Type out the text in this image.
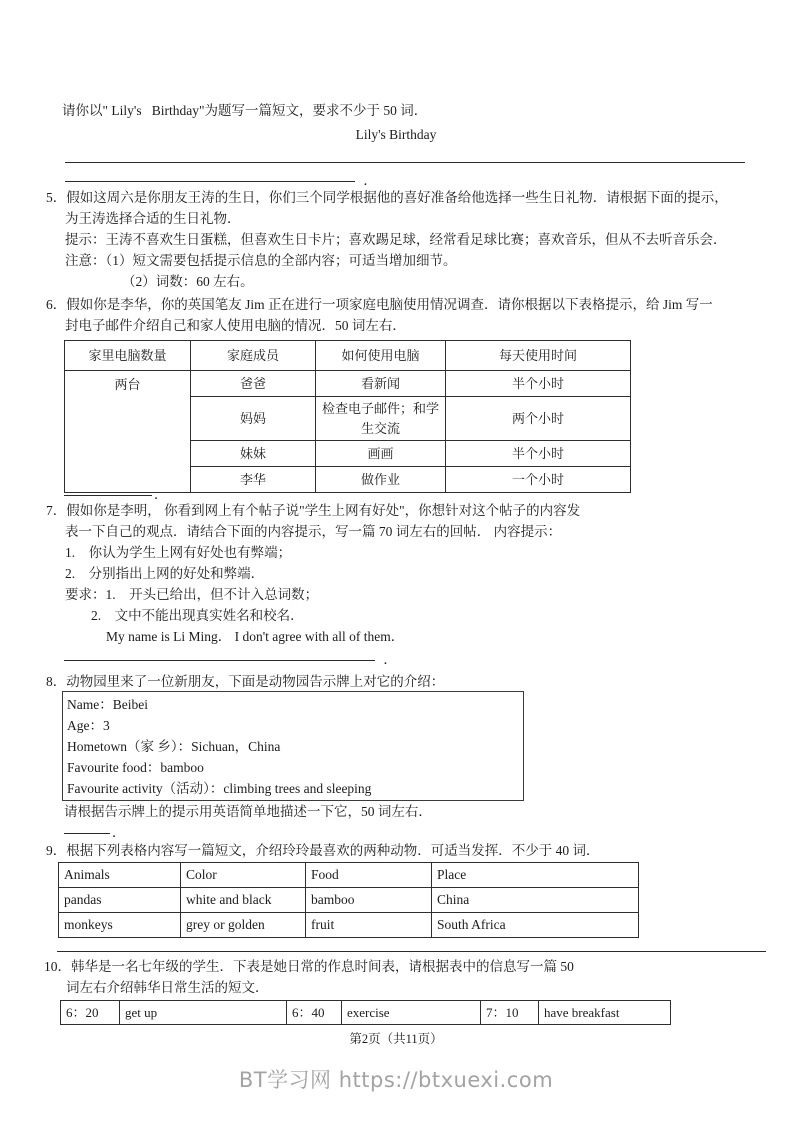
请你以" Lily's   Birthday"为题写一篇短文，要求不少于 50 词．
Lily's Birthday
．
5．假如这周六是你朋友王涛的生日，你们三个同学根据他的喜好准备给他选择一些生日礼物．请根据下面的提示，
为王涛选择合适的生日礼物．
提示：王涛不喜欢生日蛋糕，但喜欢生日卡片；喜欢踢足球，经常看足球比赛；喜欢音乐，但从不去听音乐会．
注意：（1）短文需要包括提示信息的全部内容；可适当增加细节。
（2）词数：60 左右。
6．假如你是李华，你的英国笔友 Jim 正在进行一项家庭电脑使用情况调查．请你根据以下表格提示，给 Jim 写一
封电子邮件介绍自己和家人使用电脑的情况．50 词左右．
家里电脑数量	家庭成员	如何使用电脑	每天使用时间
两台	爸爸	看新闻	半个小时
	妈妈	检查电子邮件；和学生交流	两个小时
	妹妹	画画	半个小时
	李华	做作业	一个小时
．
7．假如你是李明， 你看到网上有个帖子说"学生上网有好处"，你想针对这个帖子的内容发
表一下自己的观点．请结合下面的内容提示，写一篇 70 词左右的回帖． 内容提示：
1.    你认为学生上网有好处也有弊端；
2.    分别指出上网的好处和弊端．
要求：1.    开头已给出，但不计入总词数；
2.    文中不能出现真实姓名和校名．
My name is Li Ming． I don't agree with all of them．
．
8．动物园里来了一位新朋友，下面是动物园告示牌上对它的介绍：
Name：Beibei
Age：3
Hometown（家 乡）：Sichuan，China
Favourite food：bamboo
Favourite activity（活动）：climbing trees and sleeping
请根据告示牌上的提示用英语简单地描述一下它，50 词左右．
．
9．根据下列表格内容写一篇短文，介绍玲玲最喜欢的两种动物．可适当发挥．不少于 40 词．
Animals	Color	Food	Place
pandas	white and black	bamboo	China
monkeys	grey or golden	fruit	South Africa
10．韩华是一名七年级的学生．下表是她日常的作息时间表，请根据表中的信息写一篇 50
词左右介绍韩华日常生活的短文．
6：20	get up	6：40	exercise	7：10	have breakfast
第2页（共11页）
BT学习网 https://btxuexi.com
